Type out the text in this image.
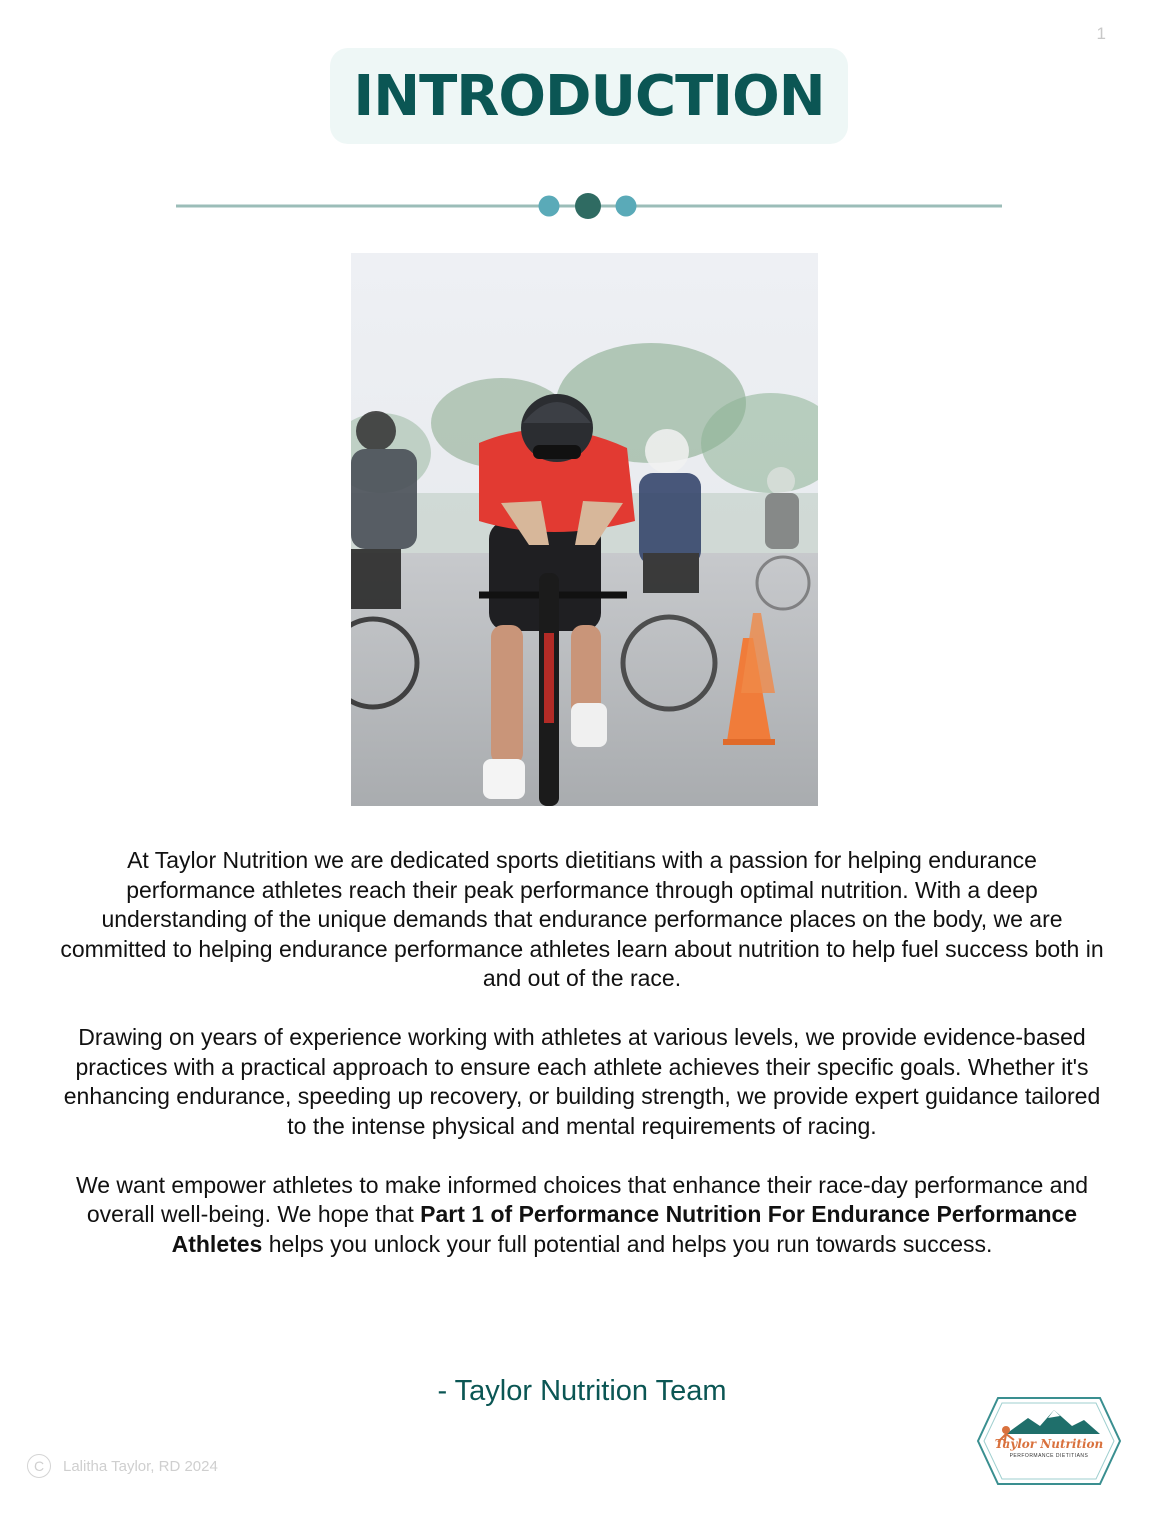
1
INTRODUCTION

At Taylor Nutrition we are dedicated sports dietitians with a passion for helping endurance performance athletes reach their peak performance through optimal nutrition. With a deep understanding of the unique demands that endurance performance places on the body, we are committed to helping endurance performance athletes learn about nutrition to help fuel success both in and out of the race.

Drawing on years of experience working with athletes at various levels, we provide evidence-based practices with a practical approach to ensure each athlete achieves their specific goals. Whether it's enhancing endurance, speeding up recovery, or building strength, we provide expert guidance tailored to the intense physical and mental requirements of racing.

We want empower athletes to make informed choices that enhance their race-day performance and overall well-being. We hope that Part 1 of Performance Nutrition For Endurance Performance Athletes helps you unlock your full potential and helps you run towards success.

- Taylor Nutrition Team
C	Lalitha Taylor, RD 2024
Taylor Nutrition
PERFORMANCE DIETITIANS
